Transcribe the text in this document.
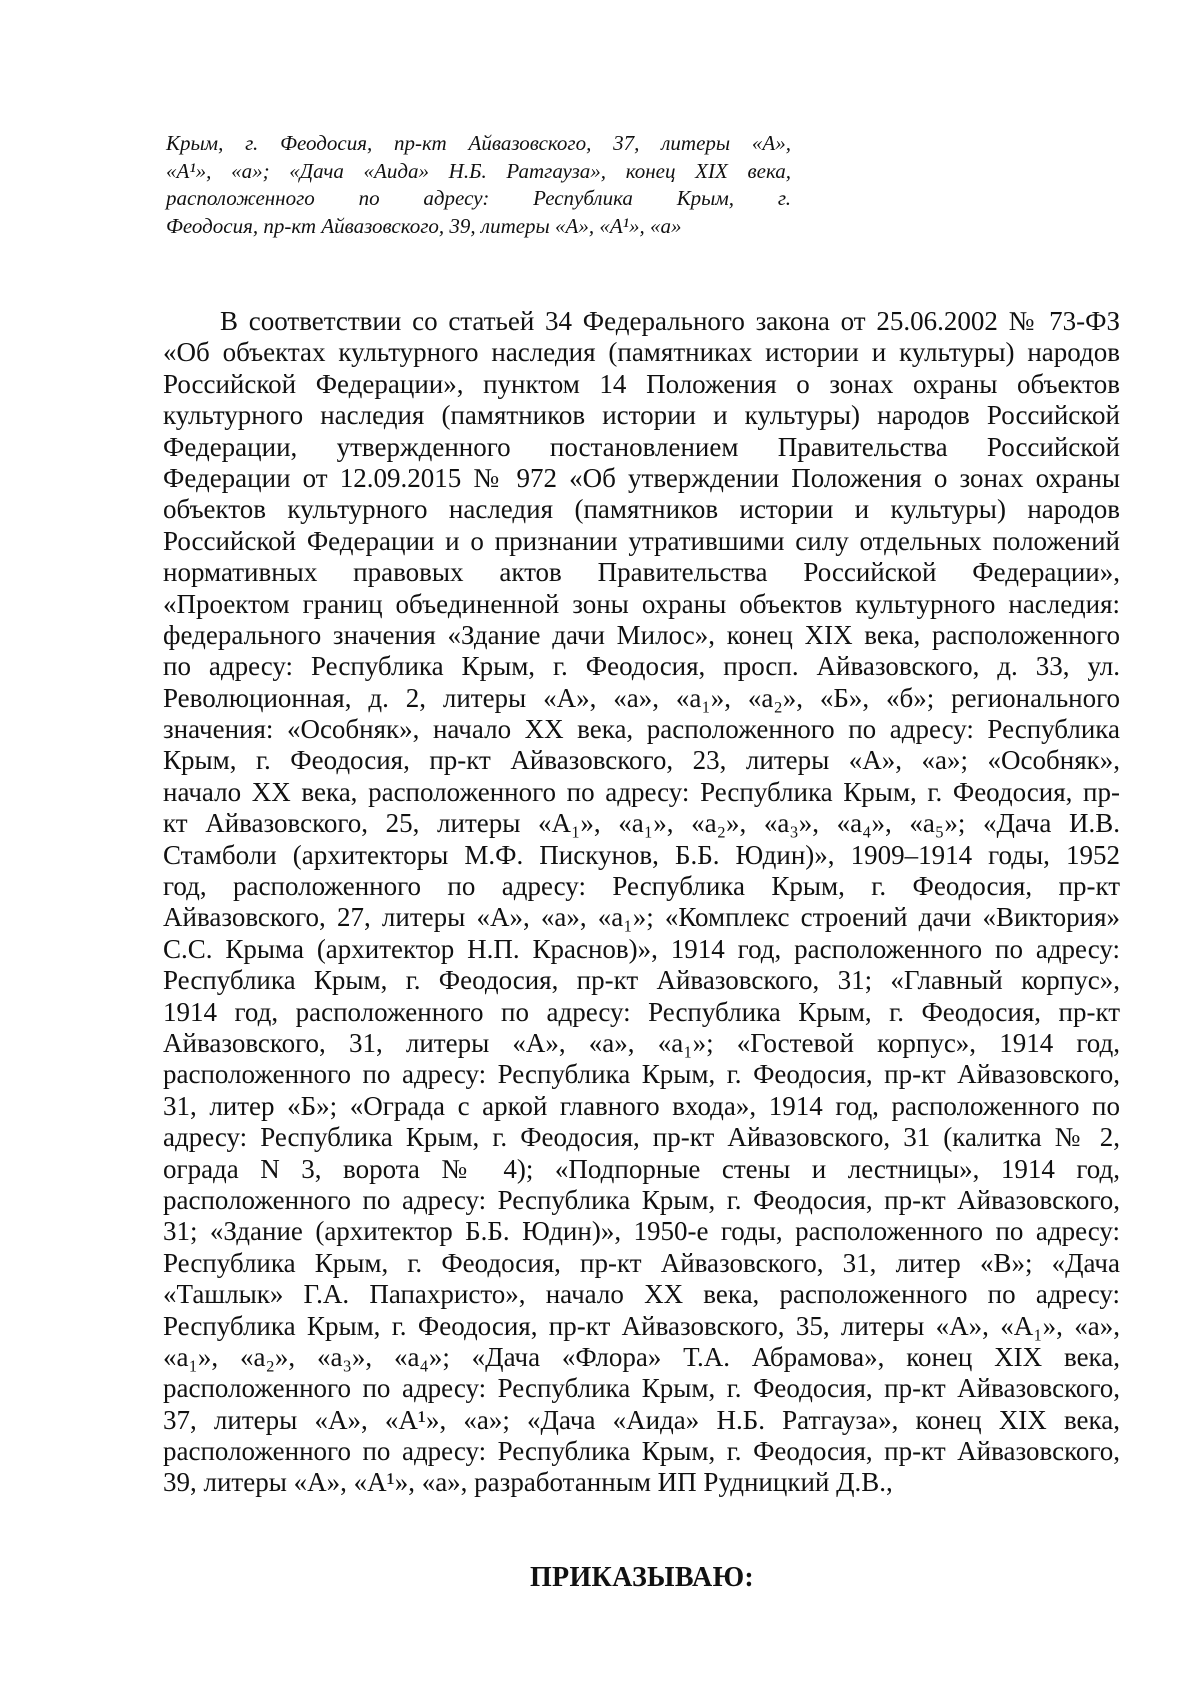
Крым, г. Феодосия, пр-кт Айвазовского, 37, литеры «А»,
«А¹», «а»; «Дача «Аида» Н.Б. Ратгауза», конец XIX века,
расположенного по адресу: Республика Крым, г.
Феодосия, пр-кт Айвазовского, 39, литеры «А», «А¹», «а»
В соответствии со статьей 34 Федерального закона от 25.06.2002 № 73-ФЗ
«Об объектах культурного наследия (памятниках истории и культуры) народов
Российской Федерации», пунктом 14 Положения о зонах охраны объектов
культурного наследия (памятников истории и культуры) народов Российской
Федерации, утвержденного постановлением Правительства Российской
Федерации от 12.09.2015 № 972 «Об утверждении Положения о зонах охраны
объектов культурного наследия (памятников истории и культуры) народов
Российской Федерации и о признании утратившими силу отдельных положений
нормативных правовых актов Правительства Российской Федерации»,
«Проектом границ объединенной зоны охраны объектов культурного наследия:
федерального значения «Здание дачи Милос», конец XIX века, расположенного
по адресу: Республика Крым, г. Феодосия, просп. Айвазовского, д. 33, ул.
Революционная, д. 2, литеры «А», «а», «а₁», «а₂», «Б», «б»; регионального
значения: «Особняк», начало XX века, расположенного по адресу: Республика
Крым, г. Феодосия, пр-кт Айвазовского, 23, литеры «А», «а»; «Особняк»,
начало XX века, расположенного по адресу: Республика Крым, г. Феодосия, пр-
кт Айвазовского, 25, литеры «А₁», «а₁», «а₂», «а₃», «а₄», «а₅»; «Дача И.В.
Стамболи (архитекторы М.Ф. Пискунов, Б.Б. Юдин)», 1909–1914 годы, 1952
год, расположенного по адресу: Республика Крым, г. Феодосия, пр-кт
Айвазовского, 27, литеры «А», «а», «а₁»; «Комплекс строений дачи «Виктория»
С.С. Крыма (архитектор Н.П. Краснов)», 1914 год, расположенного по адресу:
Республика Крым, г. Феодосия, пр-кт Айвазовского, 31; «Главный корпус»,
1914 год, расположенного по адресу: Республика Крым, г. Феодосия, пр-кт
Айвазовского, 31, литеры «А», «а», «а₁»; «Гостевой корпус», 1914 год,
расположенного по адресу: Республика Крым, г. Феодосия, пр-кт Айвазовского,
31, литер «Б»; «Ограда с аркой главного входа», 1914 год, расположенного по
адресу: Республика Крым, г. Феодосия, пр-кт Айвазовского, 31 (калитка № 2,
ограда N 3, ворота № 4); «Подпорные стены и лестницы», 1914 год,
расположенного по адресу: Республика Крым, г. Феодосия, пр-кт Айвазовского,
31; «Здание (архитектор Б.Б. Юдин)», 1950-е годы, расположенного по адресу:
Республика Крым, г. Феодосия, пр-кт Айвазовского, 31, литер «В»; «Дача
«Ташлык» Г.А. Папахристо», начало XX века, расположенного по адресу:
Республика Крым, г. Феодосия, пр-кт Айвазовского, 35, литеры «А», «А₁», «а»,
«а₁», «а₂», «а₃», «а₄»; «Дача «Флора» Т.А. Абрамова», конец XIX века,
расположенного по адресу: Республика Крым, г. Феодосия, пр-кт Айвазовского,
37, литеры «А», «А¹», «а»; «Дача «Аида» Н.Б. Ратгауза», конец XIX века,
расположенного по адресу: Республика Крым, г. Феодосия, пр-кт Айвазовского,
39, литеры «А», «А¹», «а», разработанным ИП Рудницкий Д.В.,
ПРИКАЗЫВАЮ:
